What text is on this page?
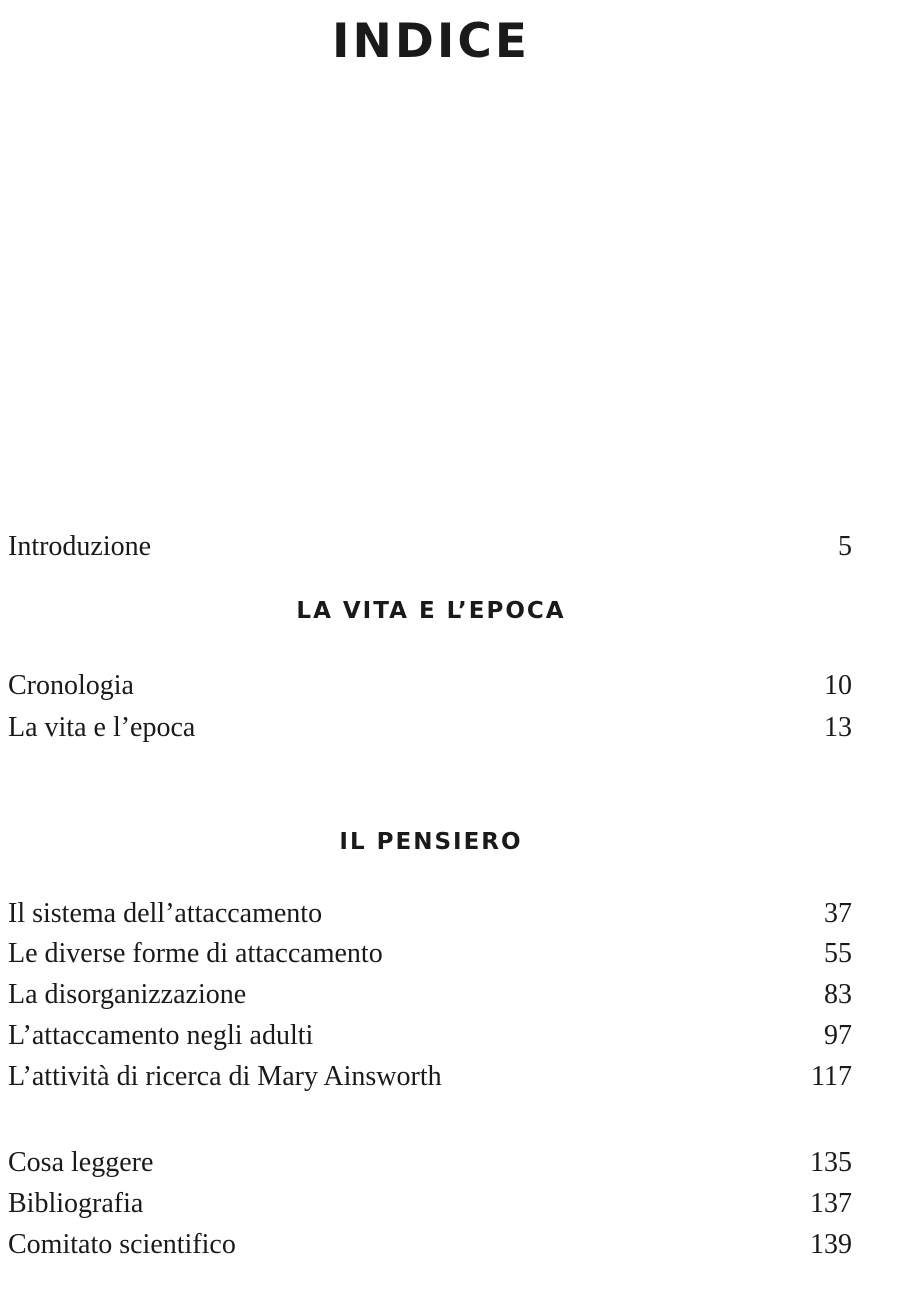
INDICE
Introduzione	5
LA VITA E L’EPOCA
Cronologia	10
La vita e l’epoca	13
IL PENSIERO
Il sistema dell’attaccamento	37
Le diverse forme di attaccamento	55
La disorganizzazione	83
L’attaccamento negli adulti	97
L’attività di ricerca di Mary Ainsworth	117
Cosa leggere	135
Bibliografia	137
Comitato scientifico	139
